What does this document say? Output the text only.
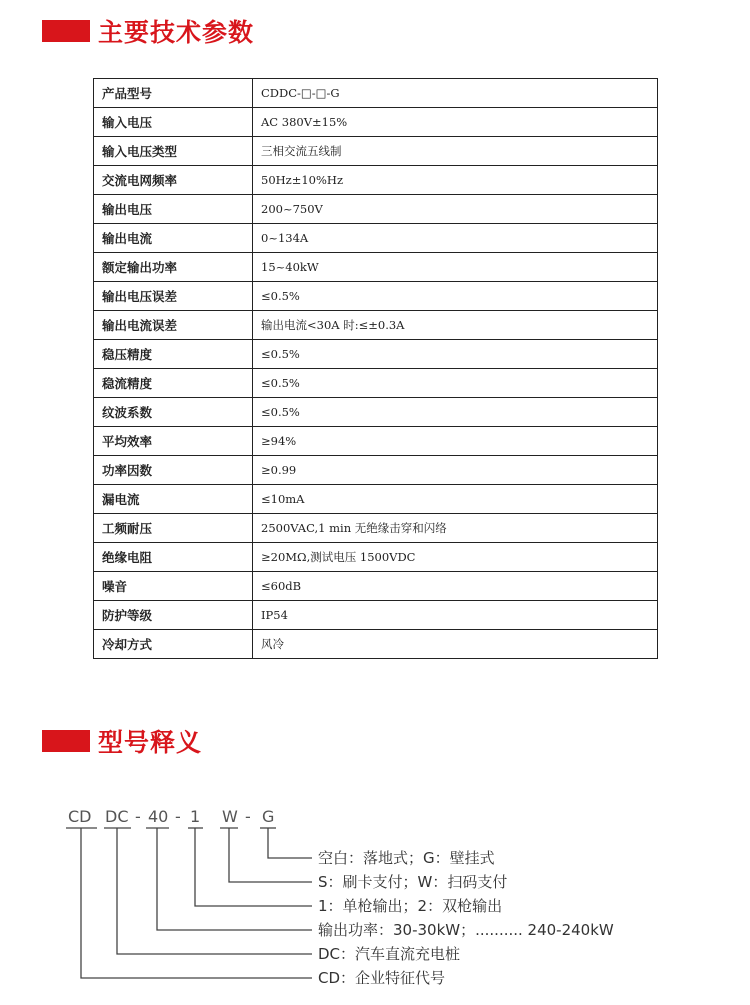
主要技术参数
产品型号	CDDC-□-□-G
输入电压	AC 380V±15%
输入电压类型	三相交流五线制
交流电网频率	50Hz±10%Hz
输出电压	200~750V
输出电流	0~134A
额定输出功率	15~40kW
输出电压误差	≤0.5%
输出电流误差	输出电流<30A 时:≤±0.3A
稳压精度	≤0.5%
稳流精度	≤0.5%
纹波系数	≤0.5%
平均效率	≥94%
功率因数	≥0.99
漏电流	≤10mA
工频耐压	2500VAC,1 min 无绝缘击穿和闪络
绝缘电阻	≥20MΩ,测试电压 1500VDC
噪音	≤60dB
防护等级	IP54
冷却方式	风冷
型号释义
CD DC - 40 - 1 W - G
空白：落地式；G：壁挂式
S：刷卡支付；W：扫码支付
1：单枪输出；2：双枪输出
输出功率：30-30kW；.......... 240-240kW
DC：汽车直流充电桩
CD：企业特征代号
